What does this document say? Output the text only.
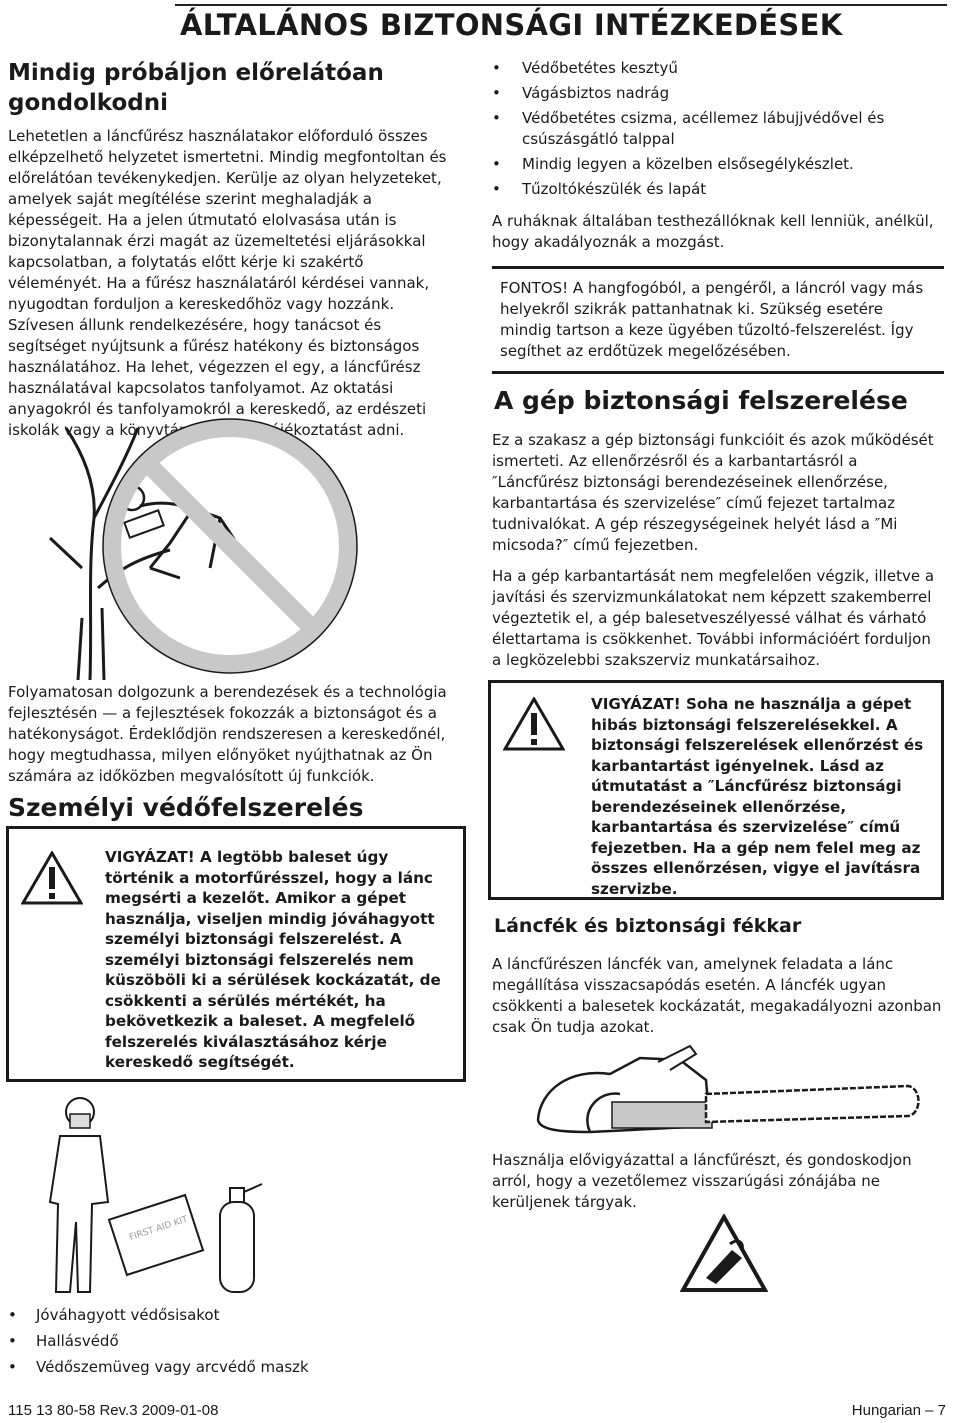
ÁLTALÁNOS BIZTONSÁGI INTÉZKEDÉSEK
Mindig próbáljon előrelátóan gondolkodni
Lehetetlen a láncfűrész használatakor előforduló összes elképzelhető helyzetet ismertetni. Mindig megfontoltan és előrelátóan tevékenykedjen. Kerülje az olyan helyzeteket, amelyek saját megítélése szerint meghaladják a képességeit. Ha a jelen útmutató elolvasása után is bizonytalannak érzi magát az üzemeltetési eljárásokkal kapcsolatban, a folytatás előtt kérje ki szakértő véleményét. Ha a fűrész használatáról kérdései vannak, nyugodtan forduljon a kereskedőhöz vagy hozzánk. Szívesen állunk rendelkezésére, hogy tanácsot és segítséget nyújtsunk a fűrész hatékony és biztonságos használatához. Ha lehet, végezzen el egy, a láncfűrész használatával kapcsolatos tanfolyamot. Az oktatási anyagokról és tanfolyamokról a kereskedő, az erdészeti iskolák vagy a könyvtárak tudnak tájékoztatást adni.
Folyamatosan dolgozunk a berendezések és a technológia fejlesztésén — a fejlesztések fokozzák a biztonságot és a hatékonyságot. Érdeklődjön rendszeresen a kereskedőnél, hogy megtudhassa, milyen előnyöket nyújthatnak az Ön számára az időközben megvalósított új funkciók.
Személyi védőfelszerelés
VIGYÁZAT! A legtöbb baleset úgy történik a motorfűrésszel, hogy a lánc megsérti a kezelőt. Amikor a gépet használja, viseljen mindig jóváhagyott személyi biztonsági felszerelést. A személyi biztonsági felszerelés nem küszöböli ki a sérülések kockázatát, de csökkenti a sérülés mértékét, ha bekövetkezik a baleset. A megfelelő felszerelés kiválasztásához kérje kereskedő segítségét.
FIRST AID KIT
• Jóváhagyott védősisakot
• Hallásvédő
• Védőszemüveg vagy arcvédő maszk
• Védőbetétes kesztyű
• Vágásbiztos nadrág
• Védőbetétes csizma, acéllemez lábujjvédővel és csúszásgátló talppal
• Mindig legyen a közelben elsősegélykészlet.
• Tűzoltókészülék és lapát
A ruháknak általában testhezállóknak kell lenniük, anélkül, hogy akadályoznák a mozgást.
FONTOS! A hangfogóból, a pengéről, a láncról vagy más helyekről szikrák pattanhatnak ki. Szükség esetére mindig tartson a keze ügyében tűzoltó-felszerelést. Így segíthet az erdőtüzek megelőzésében.
A gép biztonsági felszerelése
Ez a szakasz a gép biztonsági funkcióit és azok működését ismerteti. Az ellenőrzésről és a karbantartásról a ″Láncfűrész biztonsági berendezéseinek ellenőrzése, karbantartása és szervizelése″ című fejezet tartalmaz tudnivalókat. A gép részegységeinek helyét lásd a ″Mi micsoda?″ című fejezetben.
Ha a gép karbantartását nem megfelelően végzik, illetve a javítási és szervizmunkálatokat nem képzett szakemberrel végeztetik el, a gép balesetveszélyessé válhat és várható élettartama is csökkenhet. További információért forduljon a legközelebbi szakszerviz munkatársaihoz.
VIGYÁZAT! Soha ne használja a gépet hibás biztonsági felszerelésekkel. A biztonsági felszerelések ellenőrzést és karbantartást igényelnek. Lásd az útmutatást a ″Láncfűrész biztonsági berendezéseinek ellenőrzése, karbantartása és szervizelése″ című fejezetben. Ha a gép nem felel meg az összes ellenőrzésen, vigye el javításra szervizbe.
Láncfék és biztonsági fékkar
A láncfűrészen láncfék van, amelynek feladata a lánc megállítása visszacsapódás esetén. A láncfék ugyan csökkenti a balesetek kockázatát, megakadályozni azonban csak Ön tudja azokat.
Használja elővigyázattal a láncfűrészt, és gondoskodjon arról, hogy a vezetőlemez visszarúgási zónájába ne kerüljenek tárgyak.
115 13 80-58 Rev.3 2009-01-08	Hungarian – 7
